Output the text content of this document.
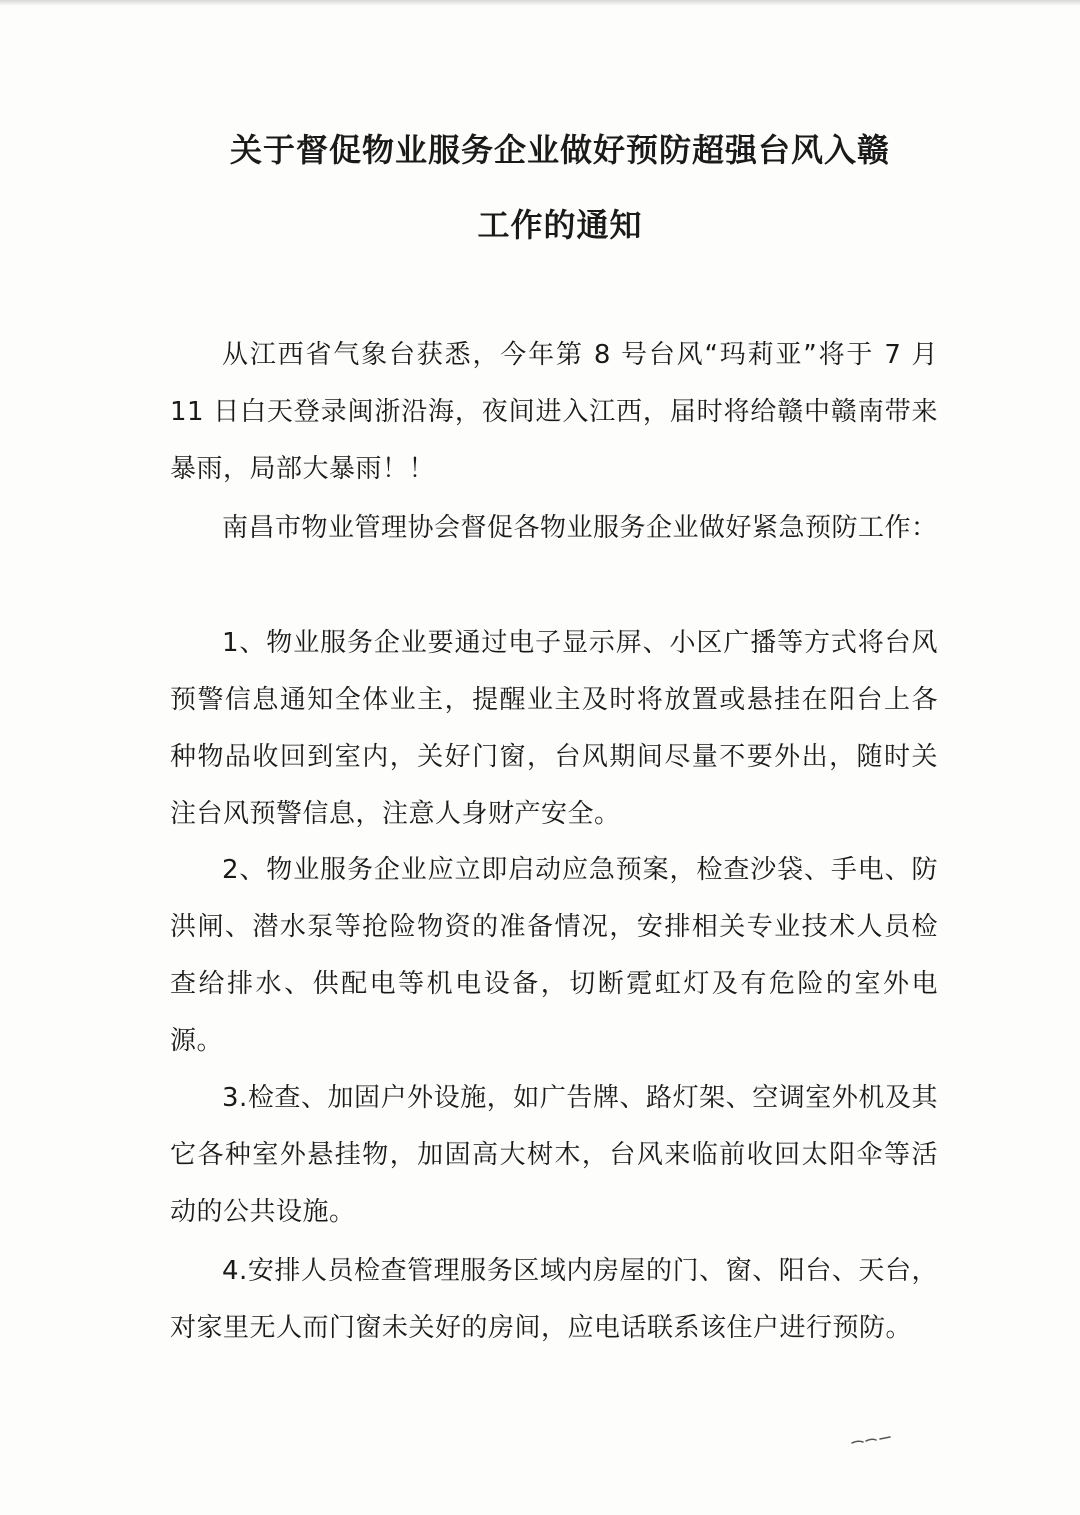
关于督促物业服务企业做好预防超强台风入赣
工作的通知

从江西省气象台获悉，今年第 8 号台风“玛莉亚”将于 7 月 11 日白天登录闽浙沿海，夜间进入江西，届时将给赣中赣南带来暴雨，局部大暴雨！！

南昌市物业管理协会督促各物业服务企业做好紧急预防工作：

1、物业服务企业要通过电子显示屏、小区广播等方式将台风预警信息通知全体业主，提醒业主及时将放置或悬挂在阳台上各种物品收回到室内，关好门窗，台风期间尽量不要外出，随时关注台风预警信息，注意人身财产安全。

2、物业服务企业应立即启动应急预案，检查沙袋、手电、防洪闸、潜水泵等抢险物资的准备情况，安排相关专业技术人员检查给排水、供配电等机电设备，切断霓虹灯及有危险的室外电源。

3.检查、加固户外设施，如广告牌、路灯架、空调室外机及其它各种室外悬挂物，加固高大树木，台风来临前收回太阳伞等活动的公共设施。

4.安排人员检查管理服务区域内房屋的门、窗、阳台、天台，对家里无人而门窗未关好的房间，应电话联系该住户进行预防。
